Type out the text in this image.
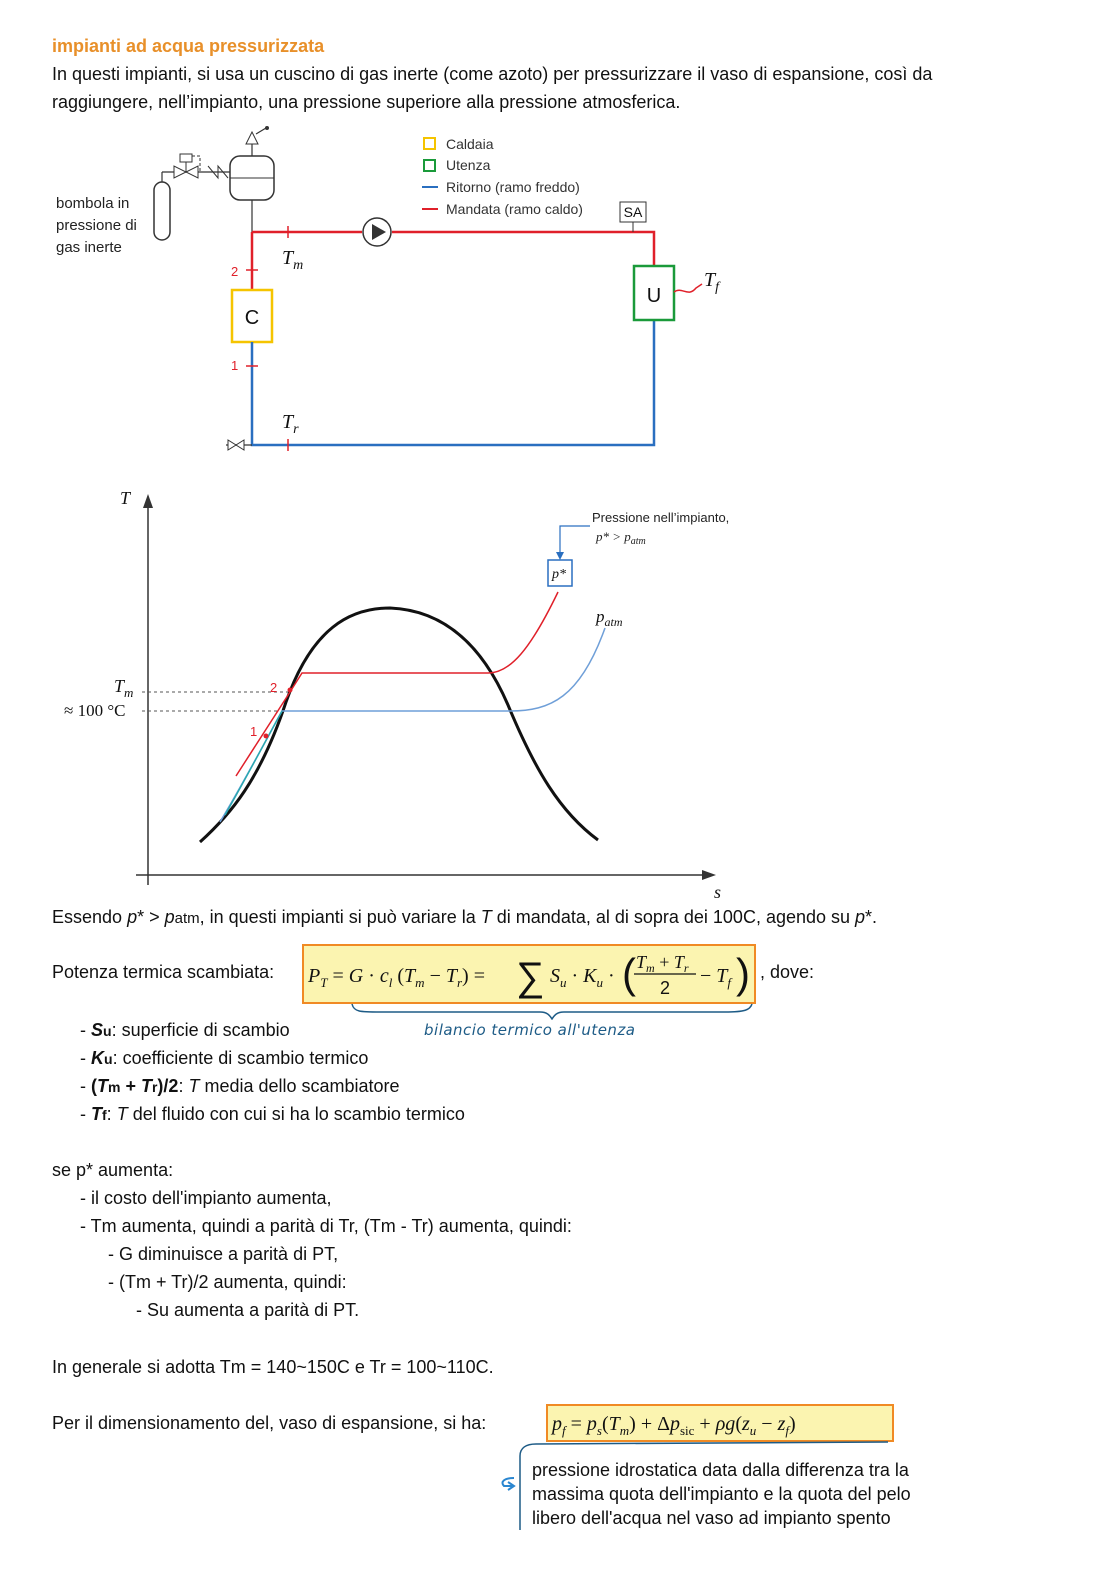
impianti ad acqua pressurizzata
In questi impianti, si usa un cuscino di gas inerte (come azoto) per pressurizzare il vaso di espansione, così da
raggiungere, nell’impianto, una pressione superiore alla pressione atmosferica.
C
U
SA
$T_m$
$T_r$
$T_f$
2
1
Caldaia
Utenza
Ritorno (ramo freddo)
Mandata (ramo caldo)
bombola in
pressione di
gas inerte
T
s
$T_m$
≈ 100 °C
1
2
p*
Pressione nell’impianto,
$p* > p_{atm}$
$p_{atm}$
Essendo p* > patm, in questi impianti si può variare la T di mandata, al di sopra dei 100C, agendo su p*.
Potenza termica scambiata: $P_T = G \cdot c_l$ $(T_m - T_r)$ = ∑ $S_u \cdot K_u$ · ( $T_m + T_r$
2
− $T_f$ ) , dove:
bilancio termico all'utenza
- Su: superficie di scambio
- Ku: coefficiente di scambio termico
- (Tm + Tr)/2: T media dello scambiatore
- Tf: T del fluido con cui si ha lo scambio termico
se p* aumenta:
- il costo dell'impianto aumenta,
- Tm aumenta, quindi a parità di Tr, (Tm - Tr) aumenta, quindi:
- G diminuisce a parità di PT,
- (Tm + Tr)/2 aumenta, quindi:
- Su aumenta a parità di PT.
In generale si adotta Tm = 140~150C e Tr = 100~110C.
Per il dimensionamento del, vaso di espansione, si ha:	$p_f = p_s(T_m) + \Delta p_{sic} + \rho g(z_u - z_f)$
pressione idrostatica data dalla differenza tra la
massima quota dell'impianto e la quota del pelo
libero dell'acqua nel vaso ad impianto spento
